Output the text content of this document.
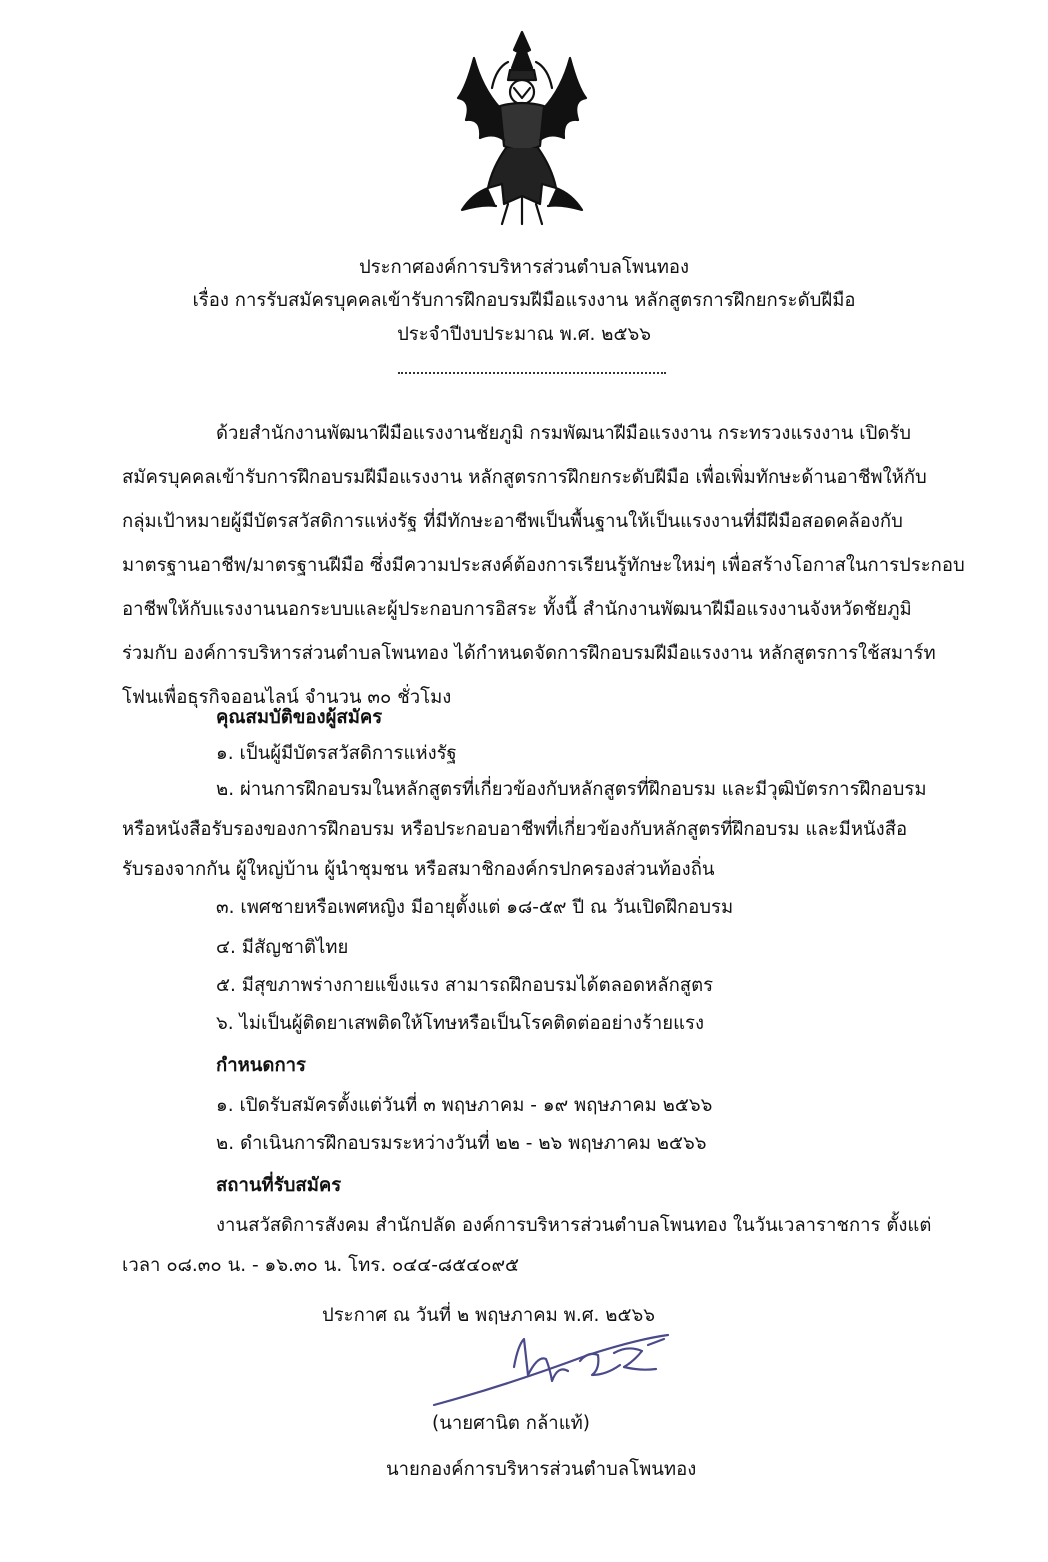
ประกาศองค์การบริหารส่วนตำบลโพนทอง
เรื่อง การรับสมัครบุคคลเข้ารับการฝึกอบรมฝีมือแรงงาน หลักสูตรการฝึกยกระดับฝีมือ
ประจำปีงบประมาณ พ.ศ. ๒๕๖๖
ด้วยสำนักงานพัฒนาฝีมือแรงงานชัยภูมิ กรมพัฒนาฝีมือแรงงาน กระทรวงแรงงาน เปิดรับ
สมัครบุคคลเข้ารับการฝึกอบรมฝีมือแรงงาน หลักสูตรการฝึกยกระดับฝีมือ เพื่อเพิ่มทักษะด้านอาชีพให้กับ
กลุ่มเป้าหมายผู้มีบัตรสวัสดิการแห่งรัฐ ที่มีทักษะอาชีพเป็นพื้นฐานให้เป็นแรงงานที่มีฝีมือสอดคล้องกับ
มาตรฐานอาชีพ/มาตรฐานฝีมือ ซึ่งมีความประสงค์ต้องการเรียนรู้ทักษะใหม่ๆ เพื่อสร้างโอกาสในการประกอบ
อาชีพให้กับแรงงานนอกระบบและผู้ประกอบการอิสระ ทั้งนี้ สำนักงานพัฒนาฝีมือแรงงานจังหวัดชัยภูมิ
ร่วมกับ องค์การบริหารส่วนตำบลโพนทอง ได้กำหนดจัดการฝึกอบรมฝีมือแรงงาน หลักสูตรการใช้สมาร์ท
โฟนเพื่อธุรกิจออนไลน์ จำนวน ๓๐ ชั่วโมง
คุณสมบัติของผู้สมัคร
๑. เป็นผู้มีบัตรสวัสดิการแห่งรัฐ
๒. ผ่านการฝึกอบรมในหลักสูตรที่เกี่ยวข้องกับหลักสูตรที่ฝึกอบรม และมีวุฒิบัตรการฝึกอบรม
หรือหนังสือรับรองของการฝึกอบรม หรือประกอบอาชีพที่เกี่ยวข้องกับหลักสูตรที่ฝึกอบรม และมีหนังสือ
รับรองจากกัน ผู้ใหญ่บ้าน ผู้นำชุมชน หรือสมาชิกองค์กรปกครองส่วนท้องถิ่น
๓. เพศชายหรือเพศหญิง มีอายุตั้งแต่ ๑๘-๕๙ ปี ณ วันเปิดฝึกอบรม
๔. มีสัญชาติไทย
๕. มีสุขภาพร่างกายแข็งแรง สามารถฝึกอบรมได้ตลอดหลักสูตร
๖. ไม่เป็นผู้ติดยาเสพติดให้โทษหรือเป็นโรคติดต่ออย่างร้ายแรง
กำหนดการ
๑. เปิดรับสมัครตั้งแต่วันที่ ๓ พฤษภาคม - ๑๙ พฤษภาคม ๒๕๖๖
๒. ดำเนินการฝึกอบรมระหว่างวันที่ ๒๒ - ๒๖ พฤษภาคม ๒๕๖๖
สถานที่รับสมัคร
งานสวัสดิการสังคม สำนักปลัด องค์การบริหารส่วนตำบลโพนทอง ในวันเวลาราชการ ตั้งแต่
เวลา ๐๘.๓๐ น. - ๑๖.๓๐ น. โทร. ๐๔๔-๘๕๔๐๙๕
ประกาศ ณ วันที่ ๒ พฤษภาคม พ.ศ. ๒๕๖๖
(นายศานิต กล้าแท้)
นายกองค์การบริหารส่วนตำบลโพนทอง
